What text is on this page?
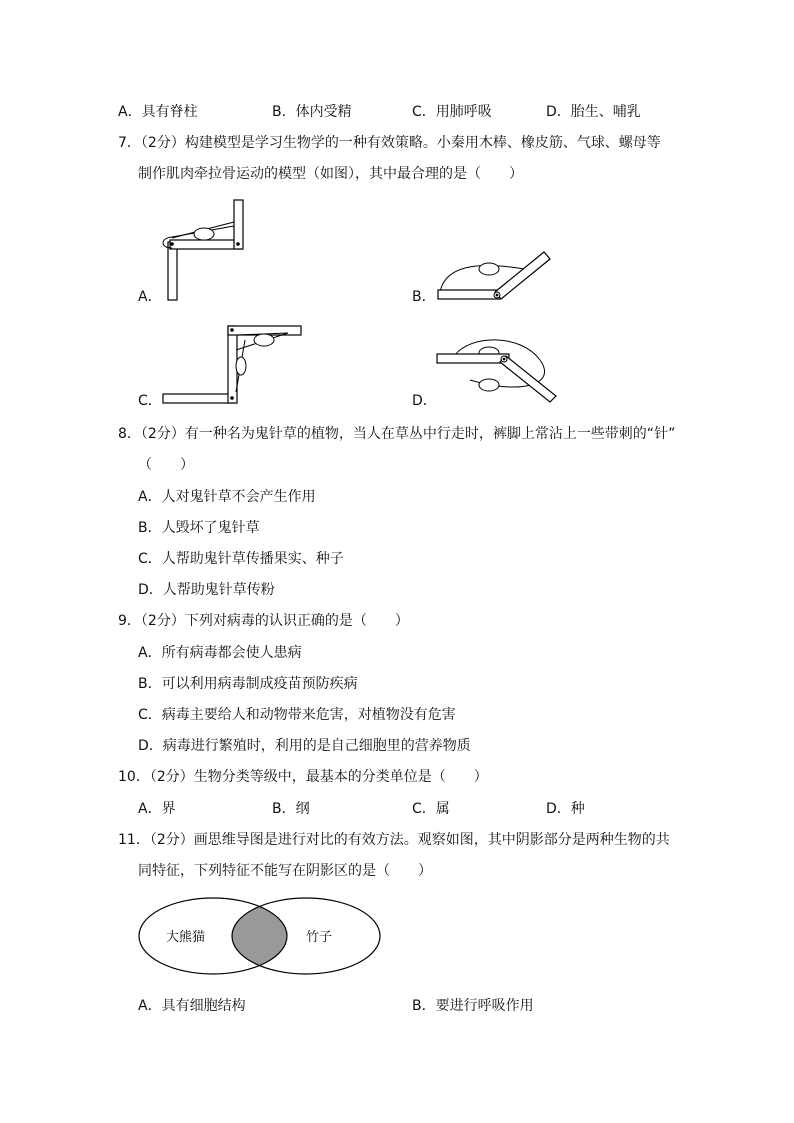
A．具有脊柱	B．体内受精	C．用肺呼吸	D．胎生、哺乳
7．（2分）构建模型是学习生物学的一种有效策略。小秦用木棒、橡皮筋、气球、螺母等
制作肌肉牵拉骨运动的模型（如图），其中最合理的是（　　）
A．	B．
C．	D．
8．（2分）有一种名为鬼针草的植物，当人在草丛中行走时，裤脚上常沾上一些带刺的“针”
（　　）
A．人对鬼针草不会产生作用
B．人毁坏了鬼针草
C．人帮助鬼针草传播果实、种子
D．人帮助鬼针草传粉
9．（2分）下列对病毒的认识正确的是（　　）
A．所有病毒都会使人患病
B．可以利用病毒制成疫苗预防疾病
C．病毒主要给人和动物带来危害，对植物没有危害
D．病毒进行繁殖时，利用的是自己细胞里的营养物质
10．（2分）生物分类等级中，最基本的分类单位是（　　）
A．界	B．纲	C．属	D．种
11．（2分）画思维导图是进行对比的有效方法。观察如图，其中阴影部分是两种生物的共
同特征，下列特征不能写在阴影区的是（　　）
大熊猫	竹子
A．具有细胞结构	B．要进行呼吸作用
